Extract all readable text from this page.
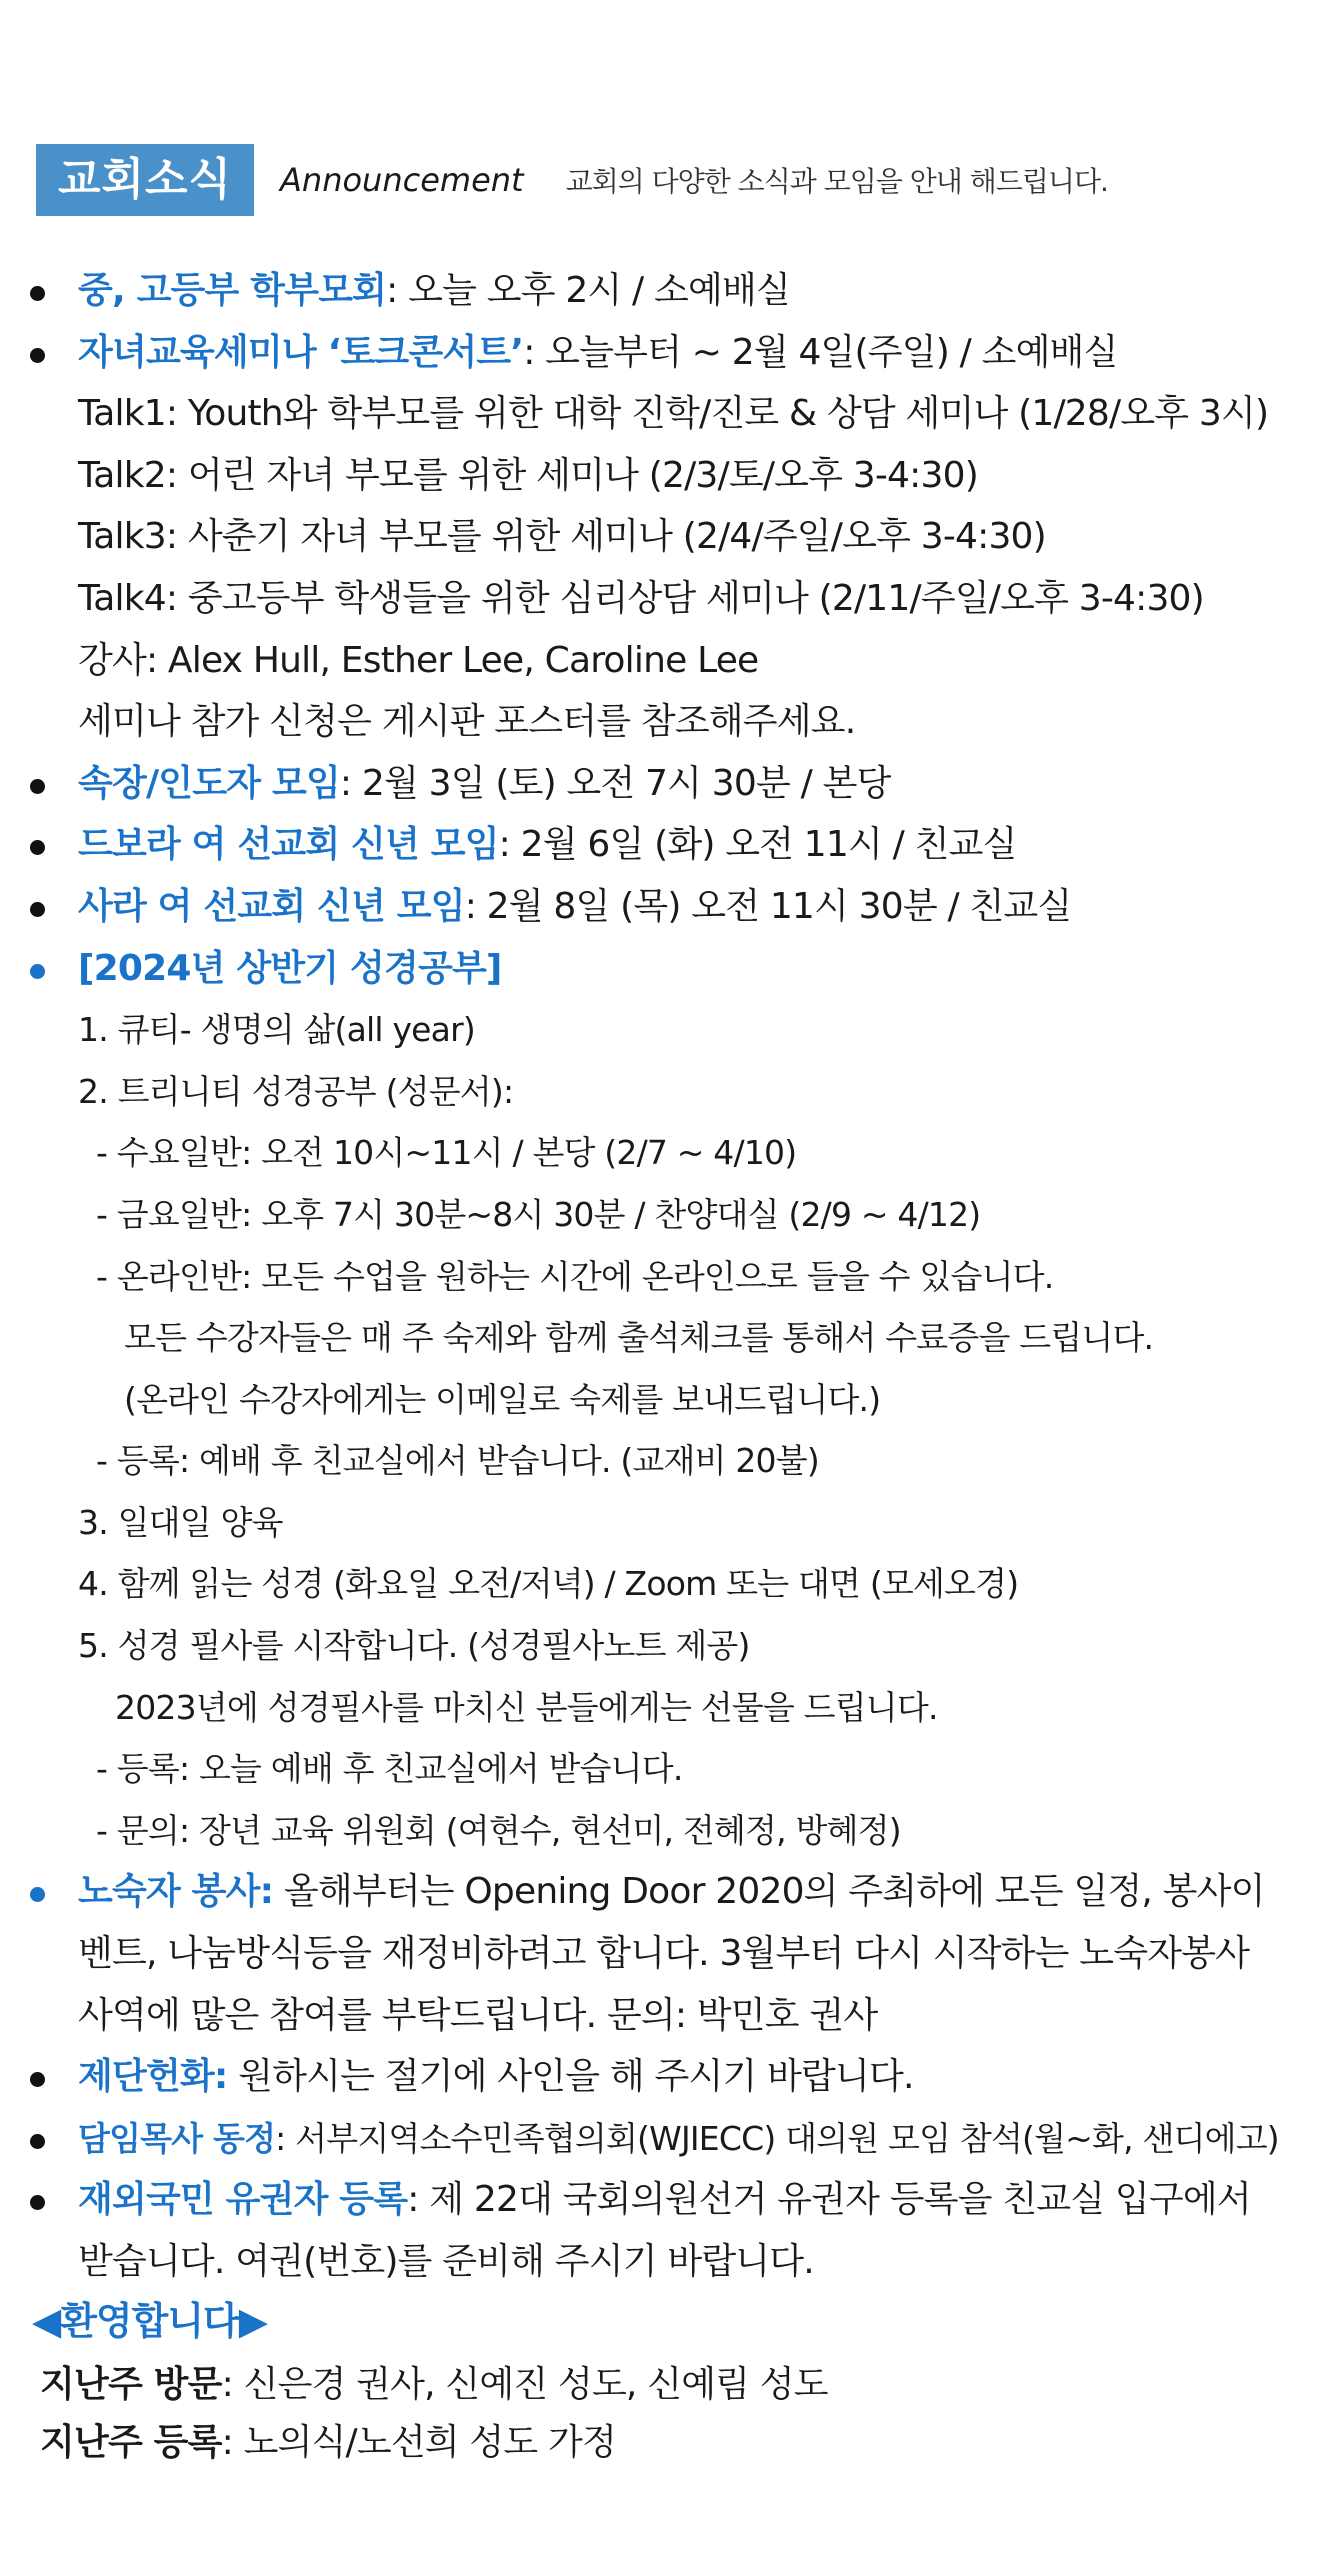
교회소식	Announcement 교회의 다양한 소식과 모임을 안내 해드립니다.
중, 고등부 학부모회: 오늘 오후 2시 / 소예배실
자녀교육세미나 ‘토크콘서트’: 오늘부터 ~ 2월 4일(주일) / 소예배실
Talk1: Youth와 학부모를 위한 대학 진학/진로 & 상담 세미나 (1/28/오후 3시)
Talk2: 어린 자녀 부모를 위한 세미나 (2/3/토/오후 3-4:30)
Talk3: 사춘기 자녀 부모를 위한 세미나 (2/4/주일/오후 3-4:30)
Talk4: 중고등부 학생들을 위한 심리상담 세미나 (2/11/주일/오후 3-4:30)
강사: Alex Hull, Esther Lee, Caroline Lee
세미나 참가 신청은 게시판 포스터를 참조해주세요.
속장/인도자 모임: 2월 3일 (토) 오전 7시 30분 / 본당
드보라 여 선교회 신년 모임: 2월 6일 (화) 오전 11시 / 친교실
사라 여 선교회 신년 모임: 2월 8일 (목) 오전 11시 30분 / 친교실
[2024년 상반기 성경공부]
1. 큐티- 생명의 삶(all year)
2. 트리니티 성경공부 (성문서):
- 수요일반: 오전 10시~11시 / 본당 (2/7 ~ 4/10)
- 금요일반: 오후 7시 30분~8시 30분 / 찬양대실 (2/9 ~ 4/12)
- 온라인반: 모든 수업을 원하는 시간에 온라인으로 들을 수 있습니다.
모든 수강자들은 매 주 숙제와 함께 출석체크를 통해서 수료증을 드립니다.
(온라인 수강자에게는 이메일로 숙제를 보내드립니다.)
- 등록: 예배 후 친교실에서 받습니다. (교재비 20불)
3. 일대일 양육
4. 함께 읽는 성경 (화요일 오전/저녁) / Zoom 또는 대면 (모세오경)
5. 성경 필사를 시작합니다. (성경필사노트 제공)
2023년에 성경필사를 마치신 분들에게는 선물을 드립니다.
- 등록: 오늘 예배 후 친교실에서 받습니다.
- 문의: 장년 교육 위원회 (여현수, 현선미, 전혜정, 방혜정)
노숙자 봉사: 올해부터는 Opening Door 2020의 주최하에 모든 일정, 봉사이
벤트, 나눔방식등을 재정비하려고 합니다. 3월부터 다시 시작하는 노숙자봉사
사역에 많은 참여를 부탁드립니다. 문의: 박민호 권사
제단헌화: 원하시는 절기에 사인을 해 주시기 바랍니다.
담임목사 동정: 서부지역소수민족협의회(WJIECC) 대의원 모임 참석(월~화, 샌디에고)
재외국민 유권자 등록: 제 22대 국회의원선거 유권자 등록을 친교실 입구에서
받습니다. 여권(번호)를 준비해 주시기 바랍니다.
◀환영합니다▶
지난주 방문: 신은경 권사, 신예진 성도, 신예림 성도
지난주 등록: 노의식/노선희 성도 가정
